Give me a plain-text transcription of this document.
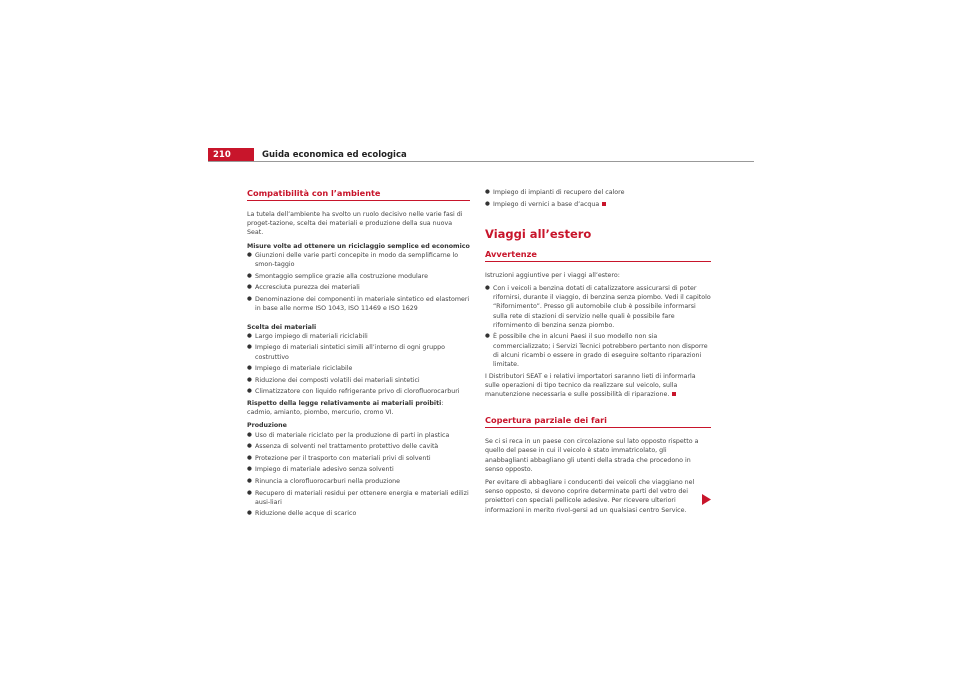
210	Guida economica ed ecologica
Compatibilità con l’ambiente

La tutela dell’ambiente ha svolto un ruolo decisivo nelle varie fasi di proget-tazione, scelta dei materiali e produzione della sua nuova Seat.

Misure volte ad ottenere un riciclaggio semplice ed economico
● Giunzioni delle varie parti concepite in modo da semplificarne lo smon-taggio
● Smontaggio semplice grazie alla costruzione modulare
● Accresciuta purezza dei materiali
● Denominazione dei componenti in materiale sintetico ed elastomeri in base alle norme ISO 1043, ISO 11469 e ISO 1629
Scelta dei materiali
● Largo impiego di materiali riciclabili
● Impiego di materiali sintetici simili all’interno di ogni gruppo costruttivo
● Impiego di materiale riciclabile
● Riduzione dei composti volatili dei materiali sintetici
● Climatizzatore con liquido refrigerante privo di clorofluorocarburi

Rispetto della legge relativamente ai materiali proibiti: cadmio, amianto, piombo, mercurio, cromo VI.

Produzione
● Uso di materiale riciclato per la produzione di parti in plastica
● Assenza di solventi nel trattamento protettivo delle cavità
● Protezione per il trasporto con materiali privi di solventi
● Impiego di materiale adesivo senza solventi
● Rinuncia a clorofluorocarburi nella produzione
● Recupero di materiali residui per ottenere energia e materiali edilizi ausi-liari
● Riduzione delle acque di scarico
● Impiego di impianti di recupero del calore
● Impiego di vernici a base d’acqua
Viaggi all’estero
Avvertenze

Istruzioni aggiuntive per i viaggi all’estero:

● Con i veicoli a benzina dotati di catalizzatore assicurarsi di poter rifornirsi, durante il viaggio, di benzina senza piombo. Vedi il capitolo “Rifornimento”. Presso gli automobile club è possibile informarsi sulla rete di stazioni di servizio nelle quali è possibile fare rifornimento di benzina senza piombo.
● È possibile che in alcuni Paesi il suo modello non sia commercializzato; i Servizi Tecnici potrebbero pertanto non disporre di alcuni ricambi o essere in grado di eseguire soltanto riparazioni limitate.

I Distributori SEAT e i relativi importatori saranno lieti di informarla sulle operazioni di tipo tecnico da realizzare sul veicolo, sulla manutenzione necessaria e sulle possibilità di riparazione.

Copertura parziale dei fari

Se ci si reca in un paese con circolazione sul lato opposto rispetto a quello del paese in cui il veicolo è stato immatricolato, gli anabbaglianti abbagliano gli utenti della strada che procedono in senso opposto.

Per evitare di abbagliare i conducenti dei veicoli che viaggiano nel senso opposto, si devono coprire determinate parti del vetro dei proiettori con speciali pellicole adesive. Per ricevere ulteriori informazioni in merito rivol-gersi ad un qualsiasi centro Service.
